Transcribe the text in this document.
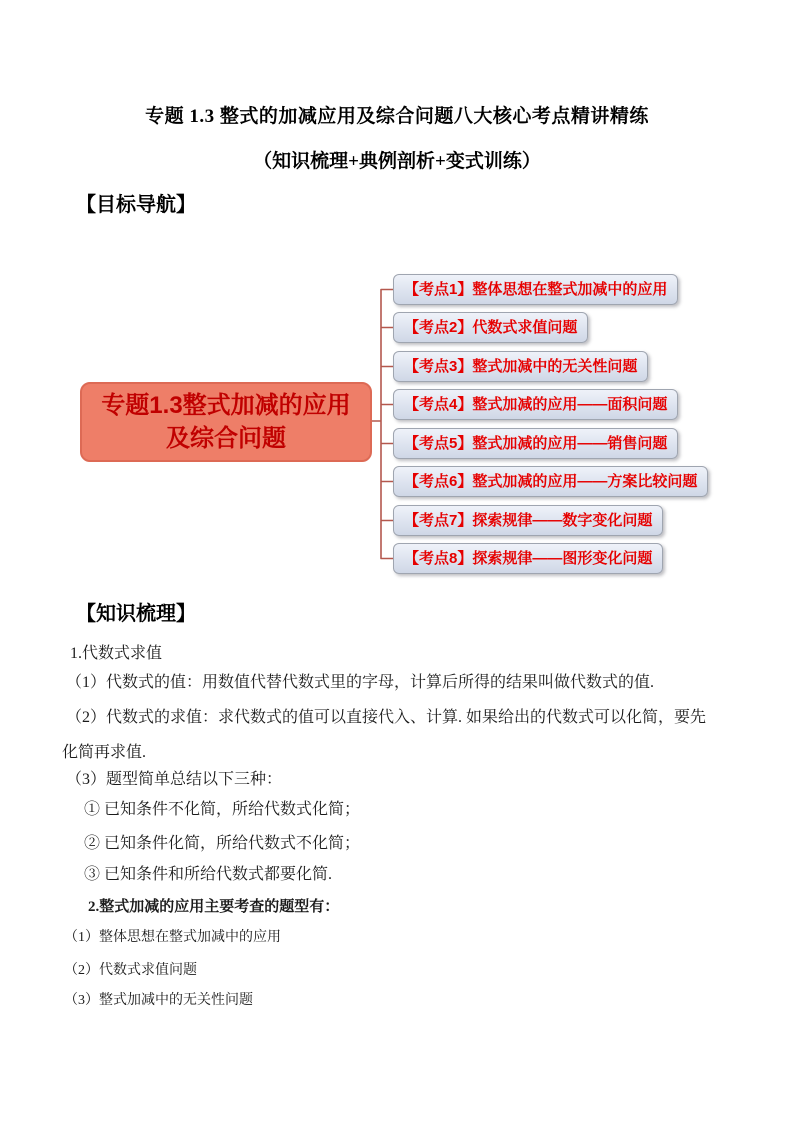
专题 1.3 整式的加减应用及综合问题八大核心考点精讲精练
（知识梳理+典例剖析+变式训练）
【目标导航】
专题1.3整式加减的应用
及综合问题
【考点1】整体思想在整式加减中的应用
【考点2】代数式求值问题
【考点3】整式加减中的无关性问题
【考点4】整式加减的应用——面积问题
【考点5】整式加减的应用——销售问题
【考点6】整式加减的应用——方案比较问题
【考点7】探索规律——数字变化问题
【考点8】探索规律——图形变化问题
【知识梳理】
1.代数式求值
（1）代数式的值：用数值代替代数式里的字母，计算后所得的结果叫做代数式的值.
（2）代数式的求值：求代数式的值可以直接代入、计算. 如果给出的代数式可以化简，要先
化简再求值.
（3）题型简单总结以下三种：
① 已知条件不化简，所给代数式化简；
② 已知条件化简，所给代数式不化简；
③ 已知条件和所给代数式都要化简.
2.整式加减的应用主要考查的题型有：
（1）整体思想在整式加减中的应用
（2）代数式求值问题
（3）整式加减中的无关性问题
